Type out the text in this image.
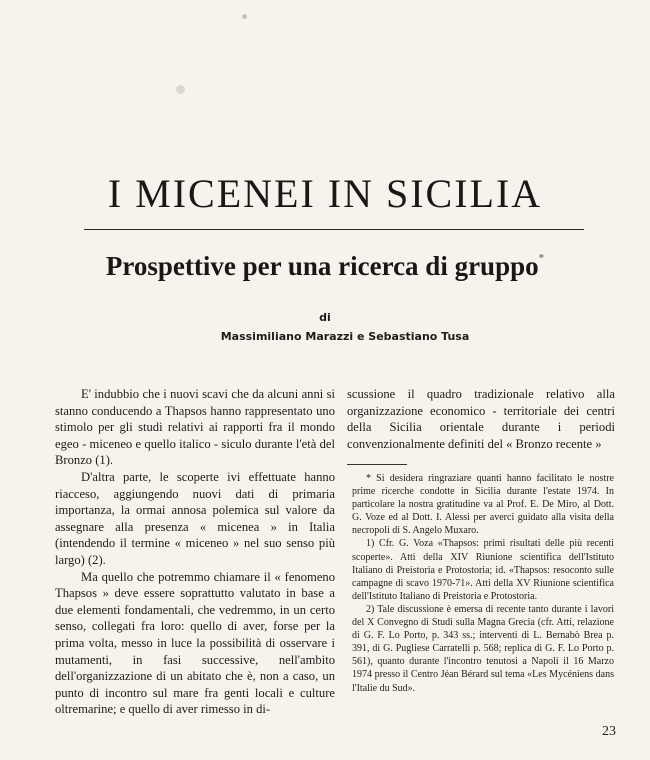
I MICENEI IN SICILIA
Prospettive per una ricerca di gruppo*

di

Massimiliano Marazzi e Sebastiano Tusa

E' indubbio che i nuovi scavi che da alcuni anni si stanno conducendo a Thapsos hanno rappresentato uno stimolo per gli studi relativi ai rapporti fra il mondo egeo - miceneo e quello italico - siculo durante l'età del Bronzo (1).

D'altra parte, le scoperte ivi effettuate hanno riacceso, aggiungendo nuovi dati di primaria importanza, la ormai annosa polemica sul valore da assegnare alla presenza « micenea » in Italia (intendendo il termine « miceneo » nel suo senso più largo) (2).

Ma quello che potremmo chiamare il « fenomeno Thapsos » deve essere soprattutto valutato in base a due elementi fondamentali, che vedremmo, in un certo senso, collegati fra loro: quello di aver, forse per la prima volta, messo in luce la possibilità di osservare i mutamenti, in fasi successive, nell'ambito dell'organizzazione di un abitato che è, non a caso, un punto di incontro sul mare fra genti locali e culture oltremarine; e quello di aver rimesso in di-

scussione il quadro tradizionale relativo alla organizzazione economico - territoriale dei centri della Sicilia orientale durante i periodi convenzionalmente definiti del « Bronzo recente »

* Si desidera ringraziare quanti hanno facilitato le nostre prime ricerche condotte in Sicilia durante l'estate 1974. In particolare la nostra gratitudine va al Prof. E. De Miro, al Dott. G. Voze ed al Dott. I. Alessi per averci guidato alla visita della necropoli di S. Angelo Muxaro.

1) Cfr. G. Voza «Thapsos: primi risultati delle più recenti scoperte». Atti della XIV Riunione scientifica dell'Istituto Italiano di Preistoria e Protostoria; id. «Thapsos: resoconto sulle campagne di scavo 1970-71». Atti della XV Riunione scientifica dell'Istituto Italiano di Preistoria e Protostoria.

2) Tale discussione è emersa di recente tanto durante i lavori del X Convegno di Studi sulla Magna Grecia (cfr. Atti, relazione di G. F. Lo Porto, p. 343 ss.; interventi di L. Bernabò Brea p. 391, di G. Pugliese Carratelli p. 568; replica di G. F. Lo Porto p. 561), quanto durante l'incontro tenutosi a Napoli il 16 Marzo 1974 presso il Centro Jéan Bérard sul tema «Les Mycéniens dans l'Italie du Sud».

23
